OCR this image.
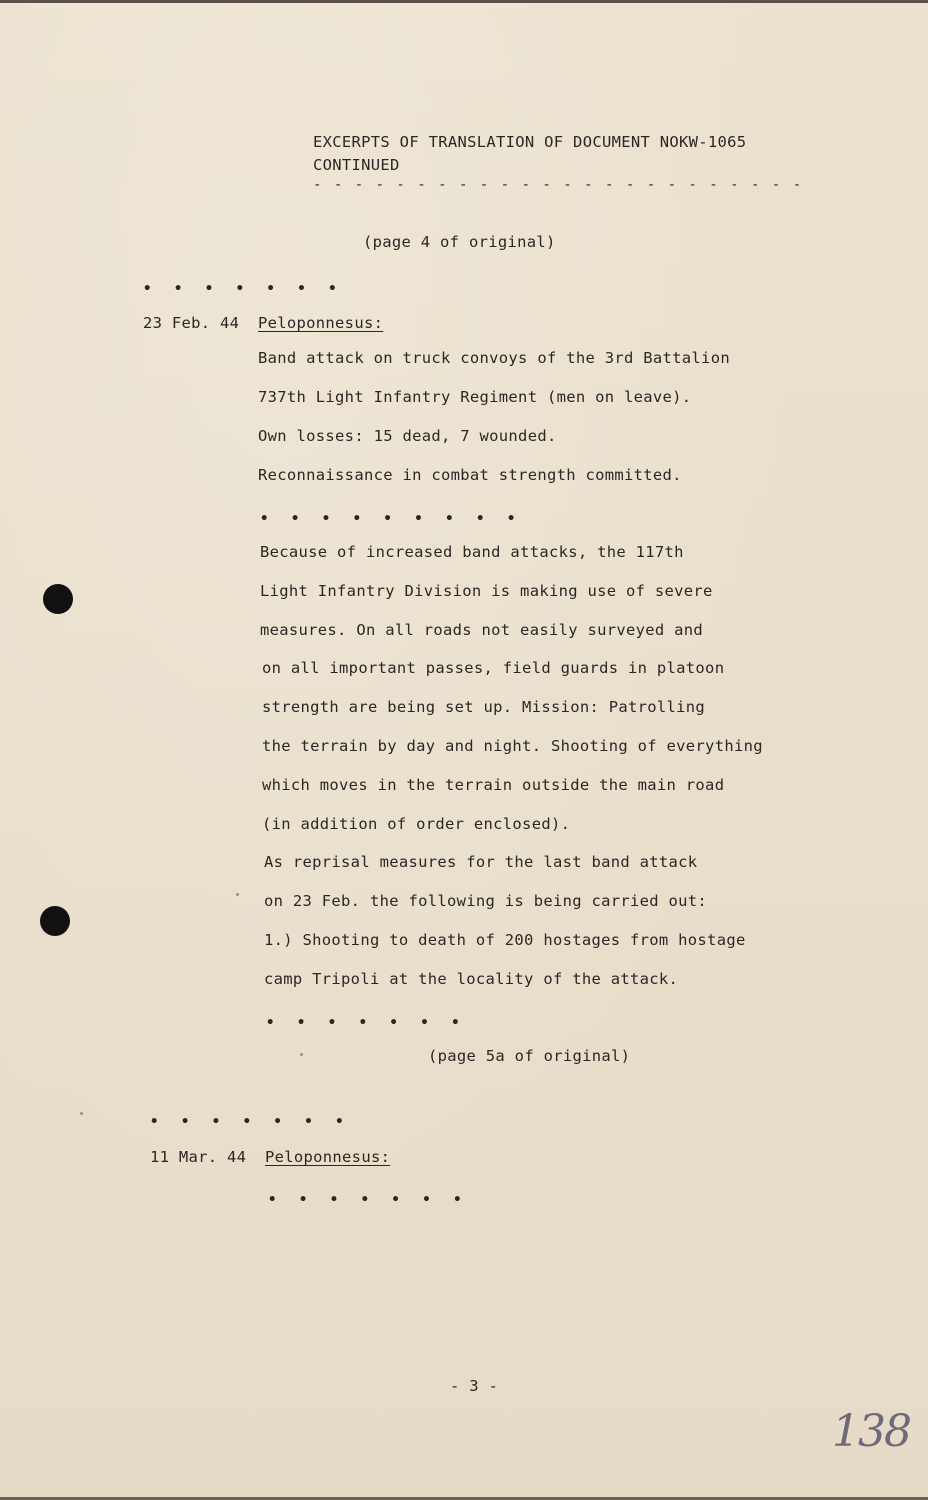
EXCERPTS OF TRANSLATION OF DOCUMENT NOKW-1065
CONTINUED
- - - - - - - - - - - - - - - - - - - - - - - -
(page 4 of original)
• • • • • • •
23 Feb. 44 Peloponnesus:
Band attack on truck convoys of the 3rd Battalion
737th Light Infantry Regiment (men on leave).
Own losses: 15 dead, 7 wounded.
Reconnaissance in combat strength committed.
• • • • • • • • •
Because of increased band attacks, the 117th
Light Infantry Division is making use of severe
measures. On all roads not easily surveyed and
on all important passes, field guards in platoon
strength are being set up. Mission: Patrolling
the terrain by day and night. Shooting of everything
which moves in the terrain outside the main road
(in addition of order enclosed).
As reprisal measures for the last band attack
on 23 Feb. the following is being carried out:
1.) Shooting to death of 200 hostages from hostage
camp Tripoli at the locality of the attack.
• • • • • • •
(page 5a of original)
• • • • • • •
11 Mar. 44 Peloponnesus:
• • • • • • •
- 3 -
138
